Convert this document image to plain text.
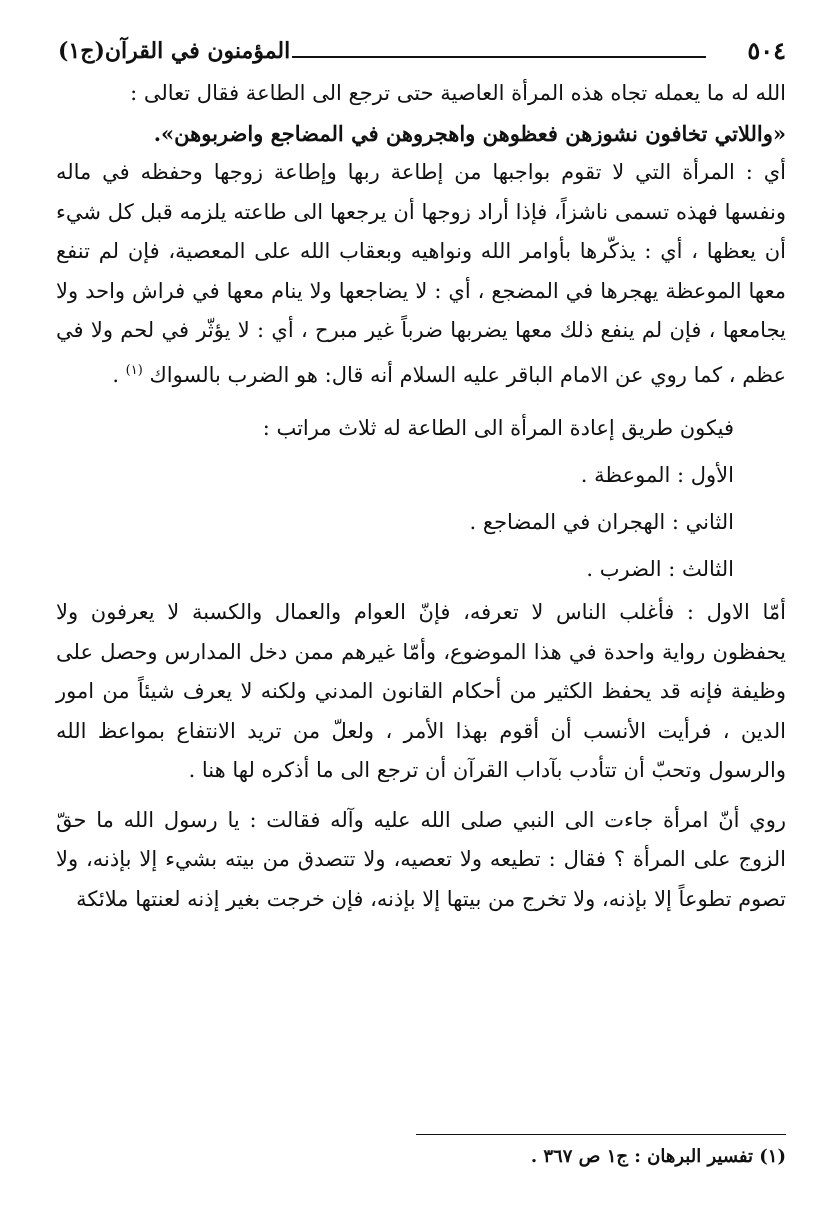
٥٠٤
المؤمنون في القرآن(ج١)

الله له ما يعمله تجاه هذه المرأة العاصية حتى ترجع الى الطاعة فقال تعالى :

«واللاتي تخافون نشوزهن فعظوهن واهجروهن في المضاجع واضربوهن».

أي : المرأة التي لا تقوم بواجبها من إطاعة ربها وإطاعة زوجها وحفظه في ماله ونفسها فهذه تسمى ناشزاً، فإذا أراد زوجها أن يرجعها الى طاعته يلزمه قبل كل شيء أن يعظها ، أي : يذكّرها بأوامر الله ونواهيه وبعقاب الله على المعصية، فإن لم تنفع معها الموعظة يهجرها في المضجع ، أي : لا يضاجعها ولا ينام معها في فراش واحد ولا يجامعها ، فإن لم ينفع ذلك معها يضربها ضرباً غير مبرح ، أي : لا يؤثّر في لحم ولا في عظم ، كما روي عن الامام الباقر عليه السلام أنه قال: هو الضرب بالسواك $^{(١)}$ .

فيكون طريق إعادة المرأة الى الطاعة له ثلاث مراتب :

الأول : الموعظة .

الثاني : الهجران في المضاجع .

الثالث : الضرب .

أمّا الاول : فأغلب الناس لا تعرفه، فإنّ العوام والعمال والكسبة لا يعرفون ولا يحفظون رواية واحدة في هذا الموضوع، وأمّا غيرهم ممن دخل المدارس وحصل على وظيفة فإنه قد يحفظ الكثير من أحكام القانون المدني ولكنه لا يعرف شيئاً من امور الدين ، فرأيت الأنسب أن أقوم بهذا الأمر ، ولعلّ من تريد الانتفاع بمواعظ الله والرسول وتحبّ أن تتأدب بآداب القرآن أن ترجع الى ما أذكره لها هنا .

روي أنّ امرأة جاءت الى النبي صلى الله عليه وآله فقالت : يا رسول الله ما حقّ الزوج على المرأة ؟ فقال : تطيعه ولا تعصيه، ولا تتصدق من بيته بشيء إلا بإذنه، ولا تصوم تطوعاً إلا بإذنه، ولا تخرج من بيتها إلا بإذنه، فإن خرجت بغير إذنه لعنتها ملائكة

(١) تفسير البرهان : ج١ ص ٣٦٧ .
